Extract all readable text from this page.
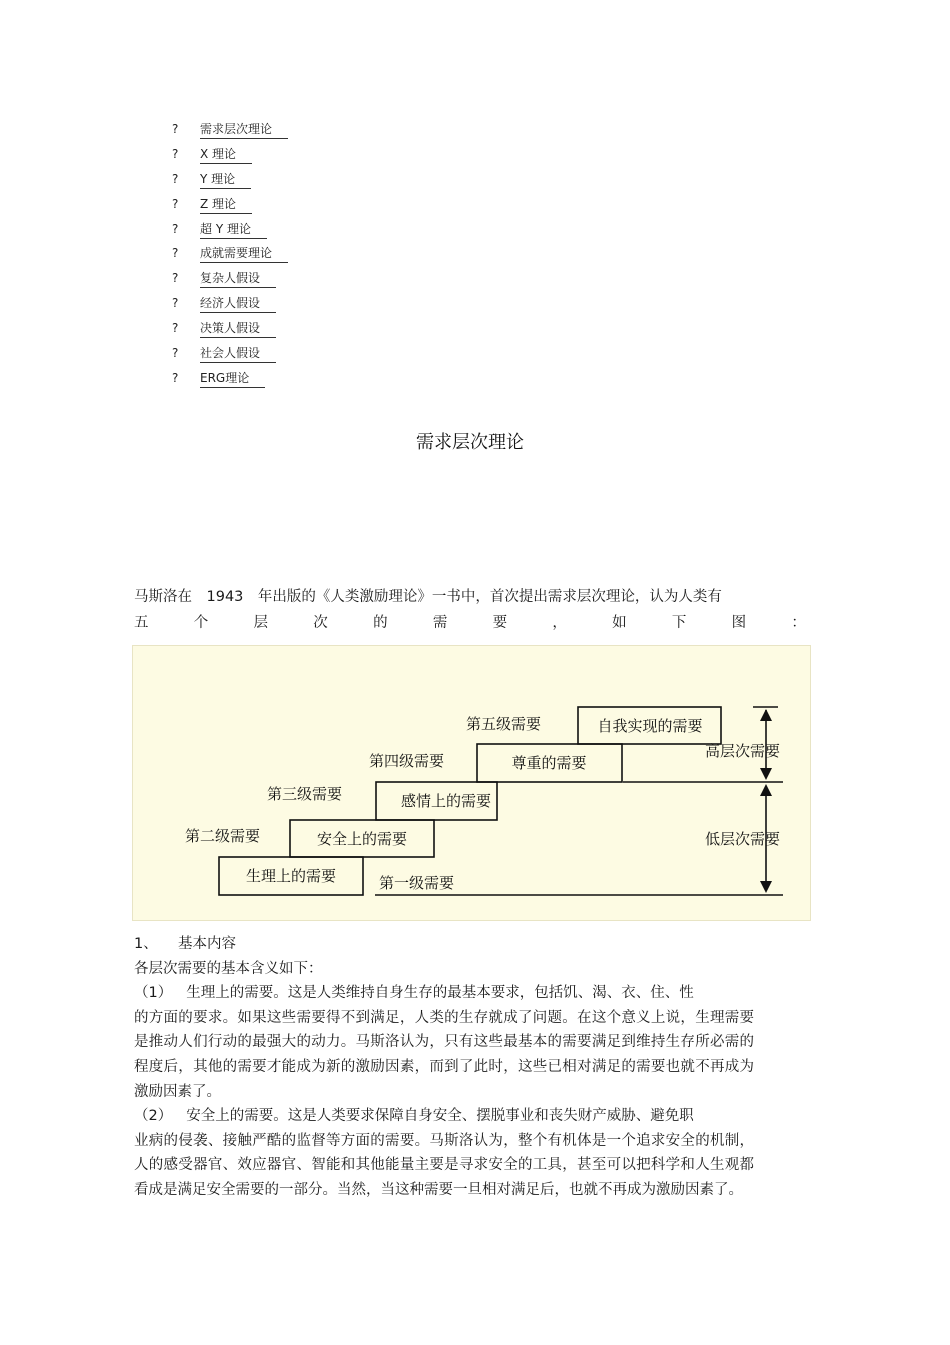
?	需求层次理论
?	X 理论
?	Y 理论
?	Z 理论
?	超 Y 理论
?	成就需要理论
?	复杂人假设
?	经济人假设
?	决策人假设
?	社会人假设
?	ERG理论
需求层次理论
马斯洛在　1943　年出版的《人类激励理论》一书中，首次提出需求层次理论，认为人类有
五	个	层	次	的	需	要	，	如	下	图	：
生理上的需要
安全上的需要
感情上的需要
尊重的需要
自我实现的需要
第一级需要
第二级需要
第三级需要
第四级需要
第五级需要
高层次需要
低层次需要

1、	基本内容

各层次需要的基本含义如下：

（1） 生理上的需要。这是人类维持自身生存的最基本要求，包括饥、渴、衣、住、性

的方面的要求。如果这些需要得不到满足，人类的生存就成了问题。在这个意义上说，生理需要是推动人们行动的最强大的动力。马斯洛认为，只有这些最基本的需要满足到维持生存所必需的程度后，其他的需要才能成为新的激励因素，而到了此时，这些已相对满足的需要也就不再成为激励因素了。

（2） 安全上的需要。这是人类要求保障自身安全、摆脱事业和丧失财产威胁、避免职

业病的侵袭、接触严酷的监督等方面的需要。马斯洛认为，整个有机体是一个追求安全的机制，人的感受器官、效应器官、智能和其他能量主要是寻求安全的工具，甚至可以把科学和人生观都看成是满足安全需要的一部分。当然，当这种需要一旦相对满足后，也就不再成为激励因素了。
